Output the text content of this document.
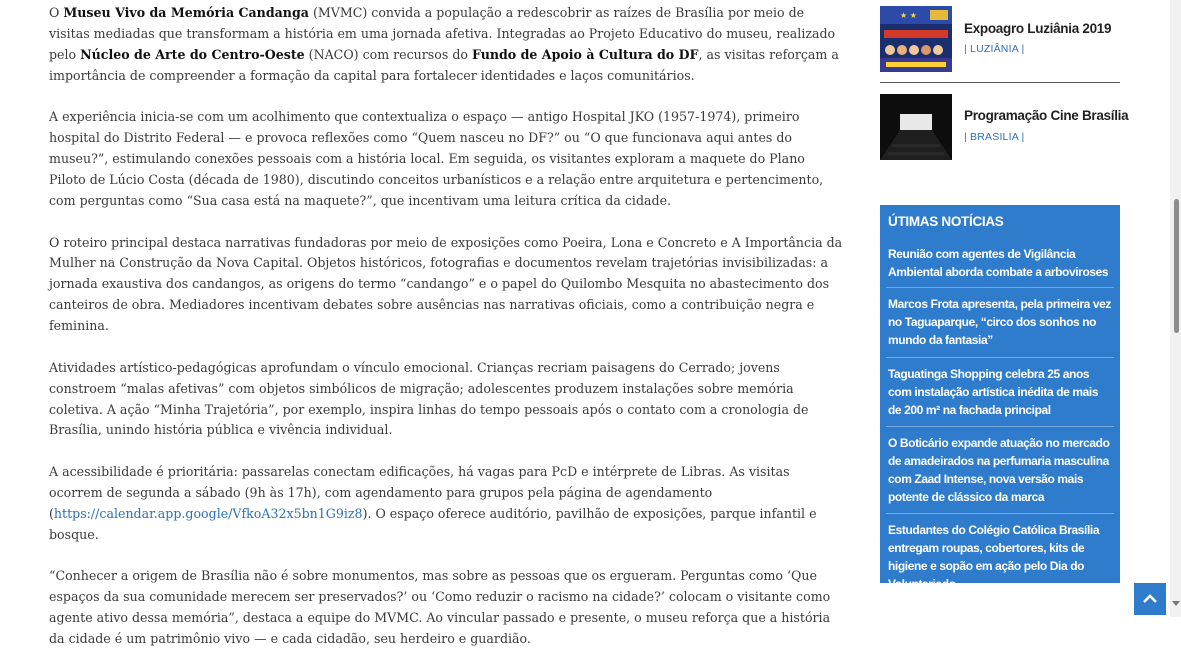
O Museu Vivo da Memória Candanga (MVMC) convida a população a redescobrir as raízes de Brasília por meio de visitas mediadas que transformam a história em uma jornada afetiva. Integradas ao Projeto Educativo do museu, realizado pelo Núcleo de Arte do Centro-Oeste (NACO) com recursos do Fundo de Apoio à Cultura do DF, as visitas reforçam a importância de compreender a formação da capital para fortalecer identidades e laços comunitários.

A experiência inicia-se com um acolhimento que contextualiza o espaço — antigo Hospital JKO (1957-1974), primeiro hospital do Distrito Federal — e provoca reflexões como “Quem nasceu no DF?” ou “O que funcionava aqui antes do museu?”, estimulando conexões pessoais com a história local. Em seguida, os visitantes exploram a maquete do Plano Piloto de Lúcio Costa (década de 1980), discutindo conceitos urbanísticos e a relação entre arquitetura e pertencimento, com perguntas como “Sua casa está na maquete?”, que incentivam uma leitura crítica da cidade.

O roteiro principal destaca narrativas fundadoras por meio de exposições como Poeira, Lona e Concreto e A Importância da Mulher na Construção da Nova Capital. Objetos históricos, fotografias e documentos revelam trajetórias invisibilizadas: a jornada exaustiva dos candangos, as origens do termo “candango” e o papel do Quilombo Mesquita no abastecimento dos canteiros de obra. Mediadores incentivam debates sobre ausências nas narrativas oficiais, como a contribuição negra e feminina.

Atividades artístico-pedagógicas aprofundam o vínculo emocional. Crianças recriam paisagens do Cerrado; jovens constroem “malas afetivas” com objetos simbólicos de migração; adolescentes produzem instalações sobre memória coletiva. A ação “Minha Trajetória”, por exemplo, inspira linhas do tempo pessoais após o contato com a cronologia de Brasília, unindo história pública e vivência individual.

A acessibilidade é prioritária: passarelas conectam edificações, há vagas para PcD e intérprete de Libras. As visitas ocorrem de segunda a sábado (9h às 17h), com agendamento para grupos pela página de agendamento (https://calendar.app.google/VfkoA32x5bn1G9iz8). O espaço oferece auditório, pavilhão de exposições, parque infantil e bosque.

“Conhecer a origem de Brasília não é sobre monumentos, mas sobre as pessoas que os ergueram. Perguntas como ‘Que espaços da sua comunidade merecem ser preservados?’ ou ‘Como reduzir o racismo na cidade?’ colocam o visitante como agente ativo dessa memória”, destaca a equipe do MVMC. Ao vincular passado e presente, o museu reforça que a história da cidade é um patrimônio vivo — e cada cidadão, seu herdeiro e guardião.

★ ★
Expoagro Luziânia 2019
| LUZIÂNIA |
Programação Cine Brasília
| BRASILIA |
ÚTIMAS NOTÍCIAS
Reunião com agentes de Vigilância Ambiental aborda combate a arboviroses
Marcos Frota apresenta, pela primeira vez no Taguaparque, “circo dos sonhos no mundo da fantasia”
Taguatinga Shopping celebra 25 anos com instalação artística inédita de mais de 200 m² na fachada principal
O Boticário expande atuação no mercado de amadeirados na perfumaria masculina com Zaad Intense, nova versão mais potente de clássico da marca
Estudantes do Colégio Católica Brasília entregam roupas, cobertores, kits de higiene e sopão em ação pelo Dia do Voluntariado
